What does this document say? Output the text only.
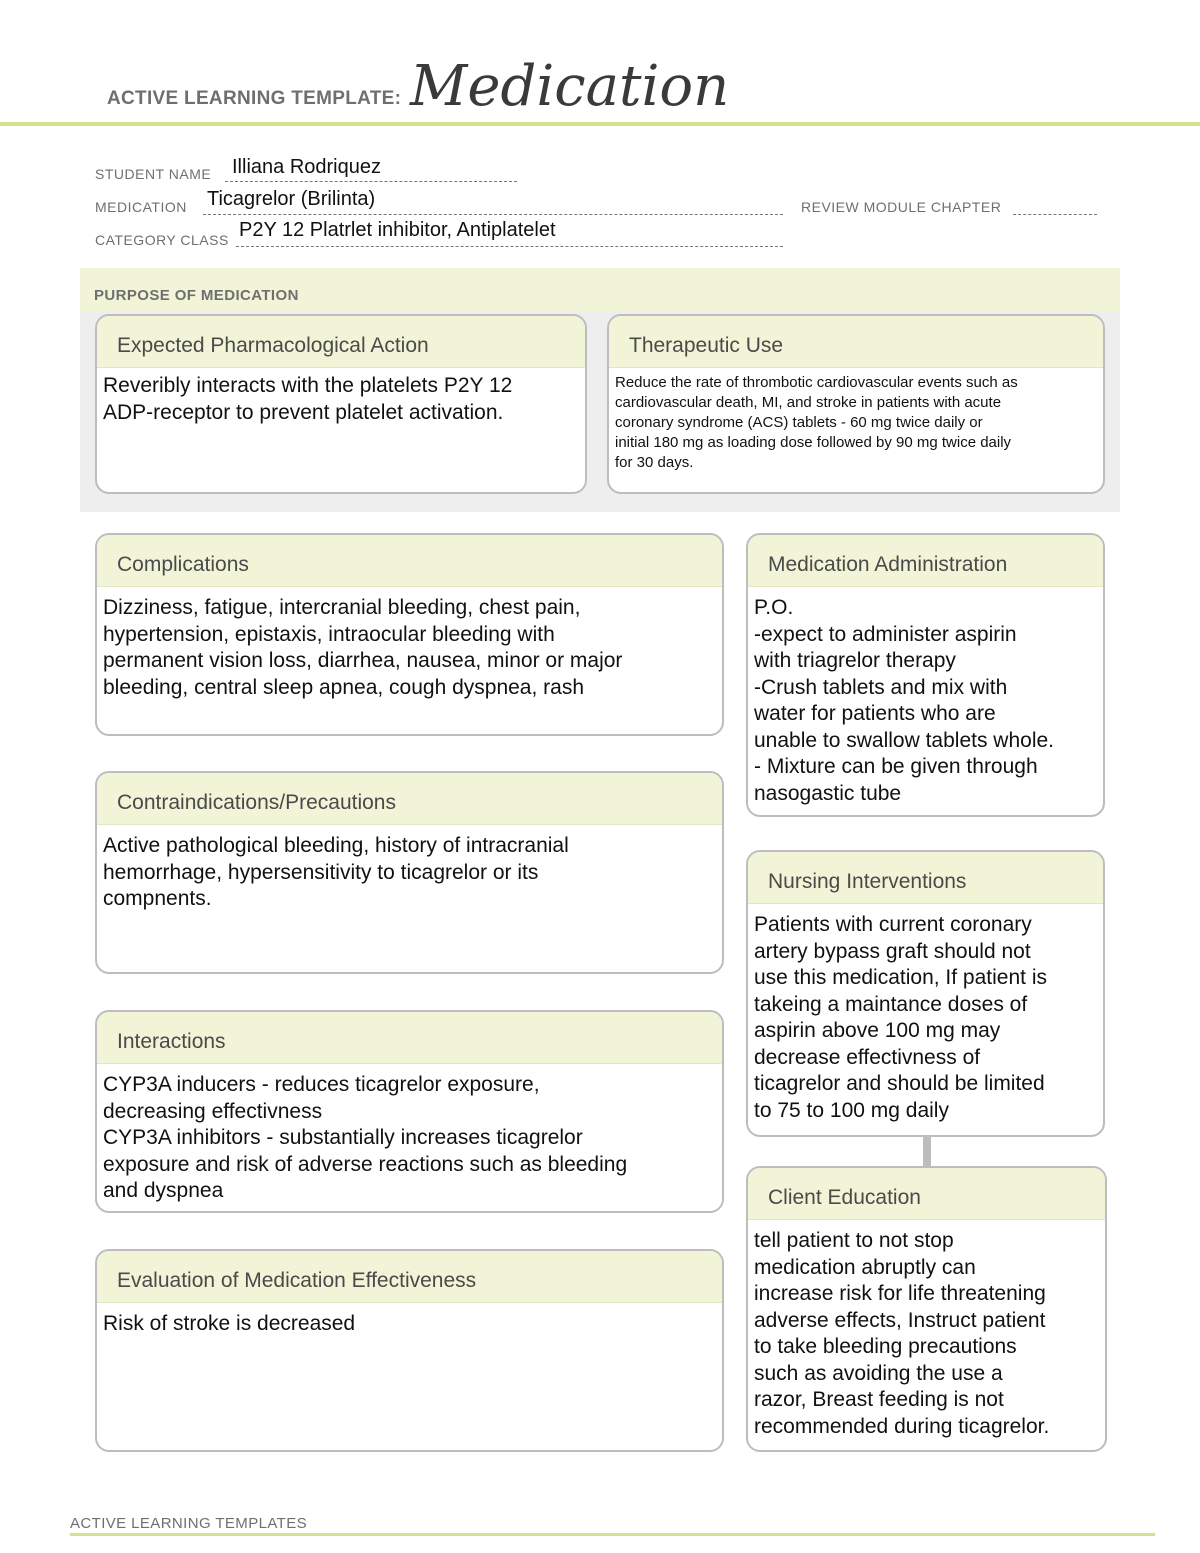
ACTIVE LEARNING TEMPLATE: Medication
STUDENT NAME Illiana Rodriquez
MEDICATION Ticagrelor (Brilinta)	REVIEW MODULE CHAPTER
CATEGORY CLASS P2Y 12 Platrlet inhibitor, Antiplatelet
PURPOSE OF MEDICATION
Expected Pharmacological Action
Reveribly interacts with the platelets P2Y 12
ADP-receptor to prevent platelet activation.
Therapeutic Use
Reduce the rate of thrombotic cardiovascular events such as
cardiovascular death, MI, and stroke in patients with acute
coronary syndrome (ACS) tablets - 60 mg twice daily or
initial 180 mg as loading dose followed by 90 mg twice daily
for 30 days.
Complications
Dizziness, fatigue, intercranial bleeding, chest pain,
hypertension, epistaxis, intraocular bleeding with
permanent vision loss, diarrhea, nausea, minor or major
bleeding, central sleep apnea, cough dyspnea, rash
Contraindications/Precautions
Active pathological bleeding, history of intracranial
hemorrhage, hypersensitivity to ticagrelor or its
compnents.
Interactions
CYP3A inducers - reduces ticagrelor exposure,
decreasing effectivness
CYP3A inhibitors - substantially increases ticagrelor
exposure and risk of adverse reactions such as bleeding
and dyspnea
Evaluation of Medication Effectiveness
Risk of stroke is decreased
Medication Administration
P.O.
-expect to administer aspirin
with triagrelor therapy
-Crush tablets and mix with
water for patients who are
unable to swallow tablets whole.
- Mixture can be given through
nasogastic tube
Nursing Interventions
Patients with current coronary
artery bypass graft should not
use this medication, If patient is
takeing a maintance doses of
aspirin above 100 mg may
decrease effectivness of
ticagrelor and should be limited
to 75 to 100 mg daily
Client Education
tell patient to not stop
medication abruptly can
increase risk for life threatening
adverse effects, Instruct patient
to take bleeding precautions
such as avoiding the use a
razor, Breast feeding is not
recommended during ticagrelor.
ACTIVE LEARNING TEMPLATES
